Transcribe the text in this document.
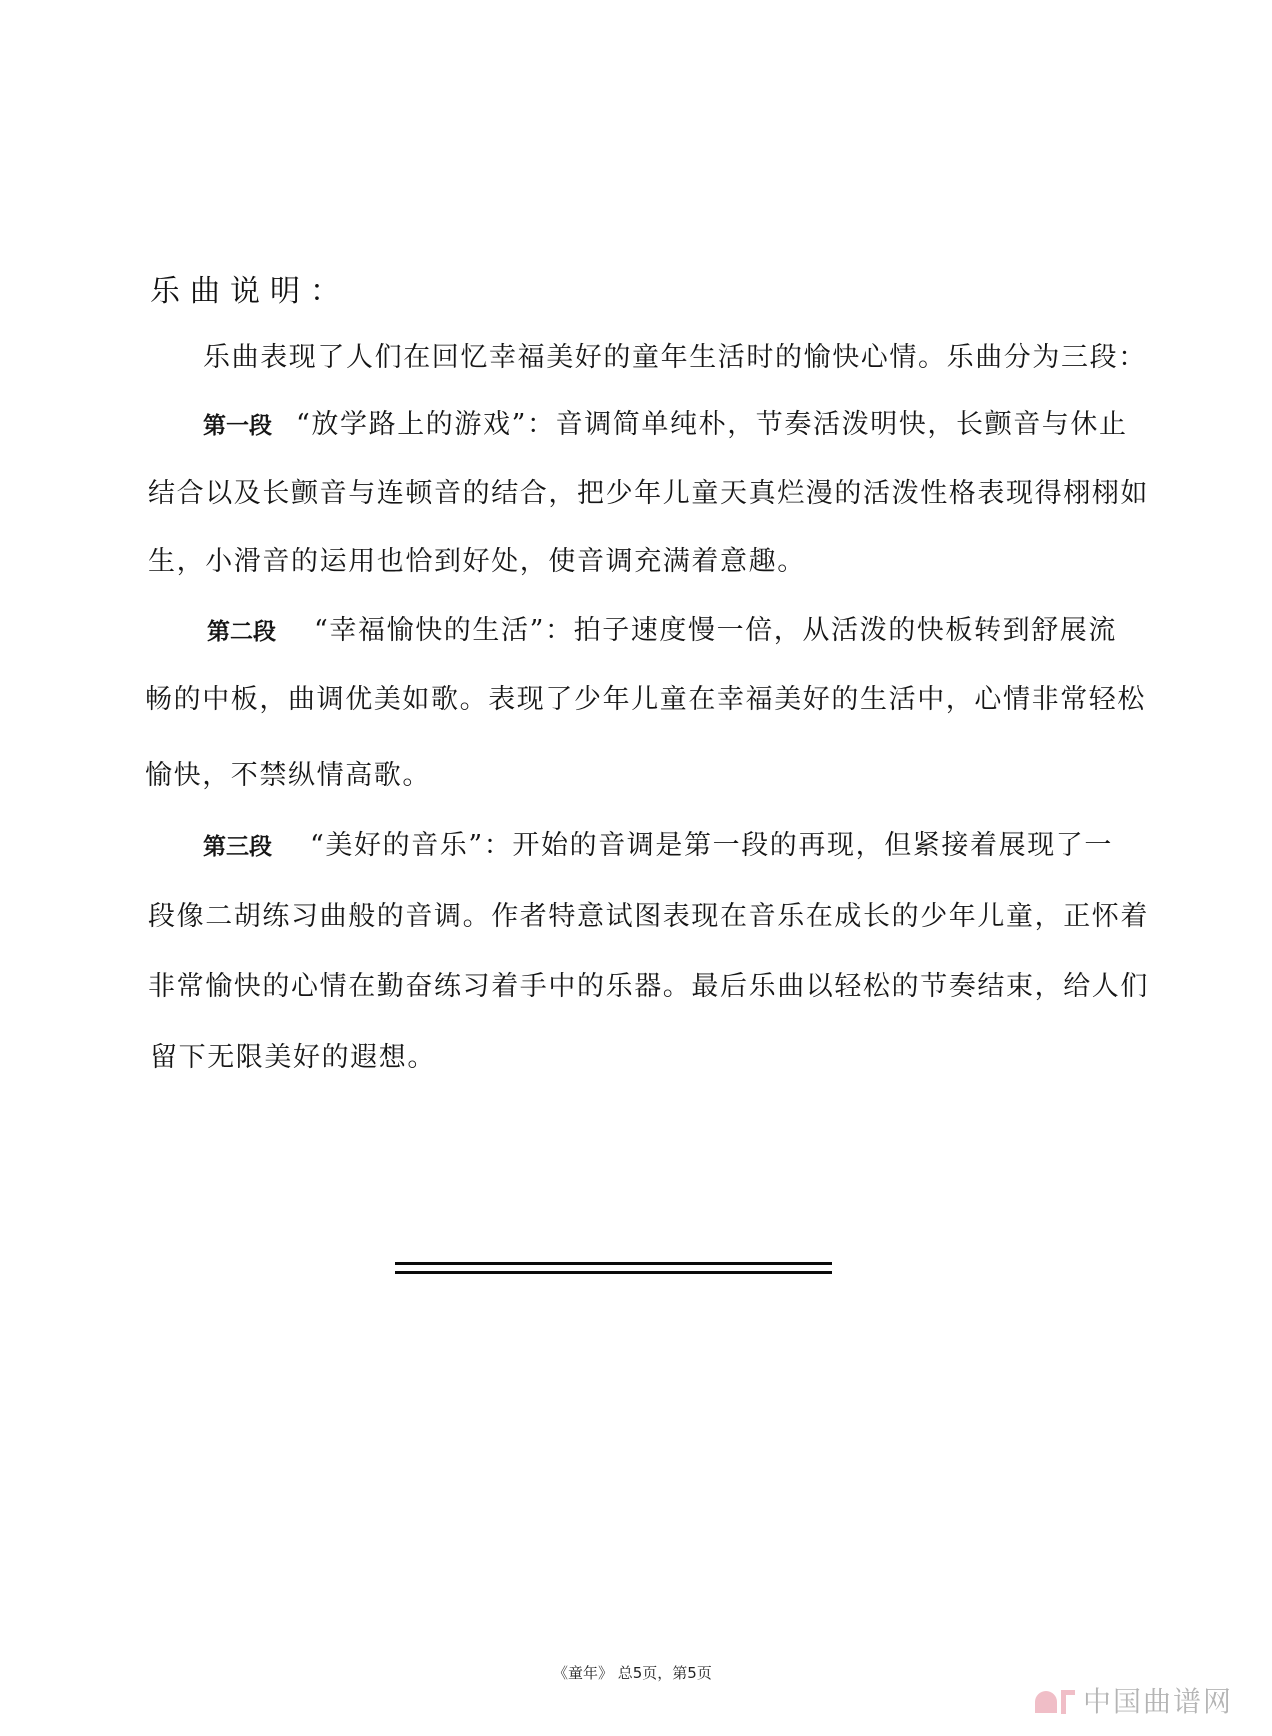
乐曲说明：
乐曲表现了人们在回忆幸福美好的童年生活时的愉快心情。乐曲分为三段：
第一段 “放学路上的游戏”：音调简单纯朴，节奏活泼明快，长颤音与休止
结合以及长颤音与连顿音的结合，把少年儿童天真烂漫的活泼性格表现得栩栩如
生，小滑音的运用也恰到好处，使音调充满着意趣。
第二段 “幸福愉快的生活”：拍子速度慢一倍，从活泼的快板转到舒展流
畅的中板，曲调优美如歌。表现了少年儿童在幸福美好的生活中，心情非常轻松
愉快，不禁纵情高歌。
第三段 “美好的音乐”：开始的音调是第一段的再现，但紧接着展现了一
段像二胡练习曲般的音调。作者特意试图表现在音乐在成长的少年儿童，正怀着
非常愉快的心情在勤奋练习着手中的乐器。最后乐曲以轻松的节奏结束，给人们
留下无限美好的遐想。
《童年》 总5页，第5页
中国曲谱网
